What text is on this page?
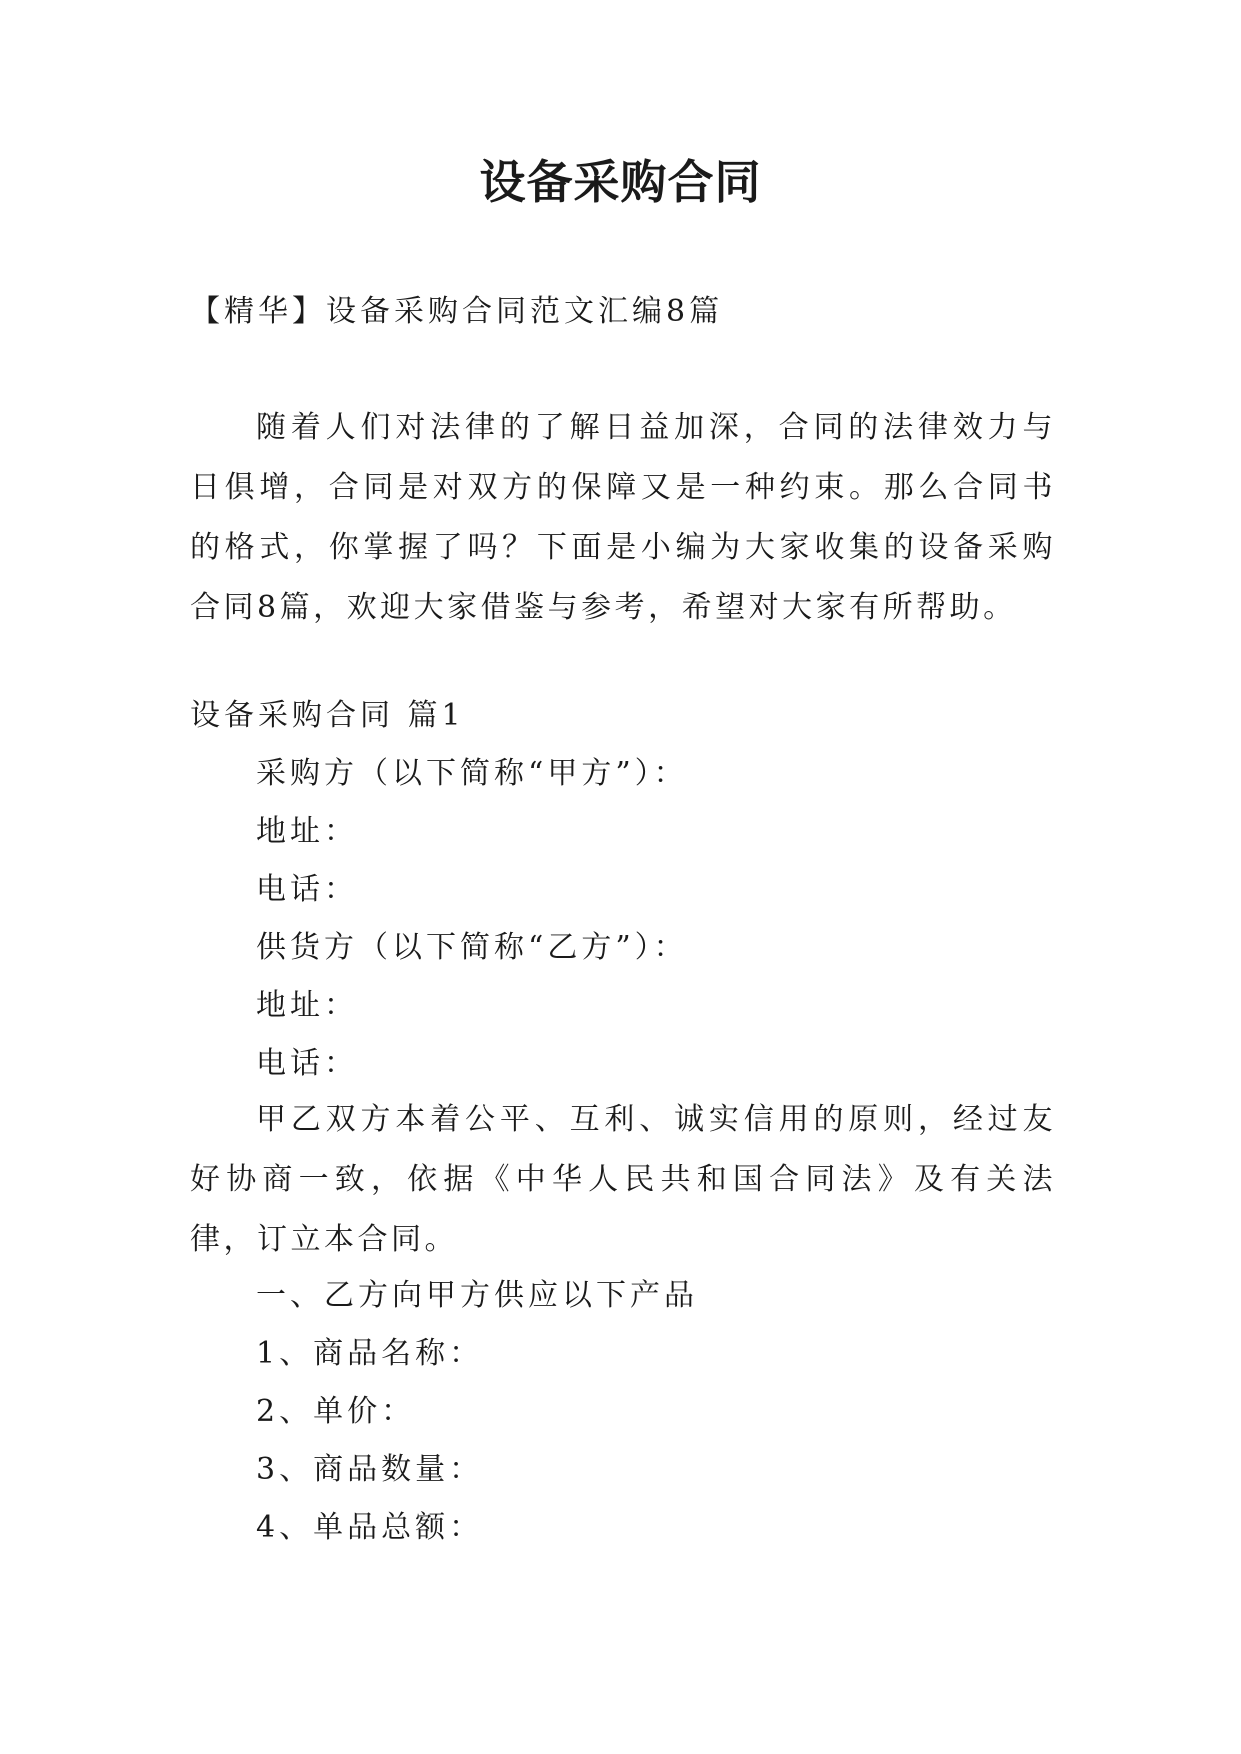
设备采购合同
【精华】设备采购合同范文汇编8篇
随着人们对法律的了解日益加深，合同的法律效力与日俱增，合同是对双方的保障又是一种约束。那么合同书的格式，你掌握了吗？下面是小编为大家收集的设备采购合同8篇，欢迎大家借鉴与参考，希望对大家有所帮助。
设备采购合同 篇1
采购方（以下简称“甲方”）：
地址：
电话：
供货方（以下简称“乙方”）：
地址：
电话：
甲乙双方本着公平、互利、诚实信用的原则，经过友好协商一致，依据《中华人民共和国合同法》及有关法律，订立本合同。
一、乙方向甲方供应以下产品
1、商品名称：
2、单价：
3、商品数量：
4、单品总额：
